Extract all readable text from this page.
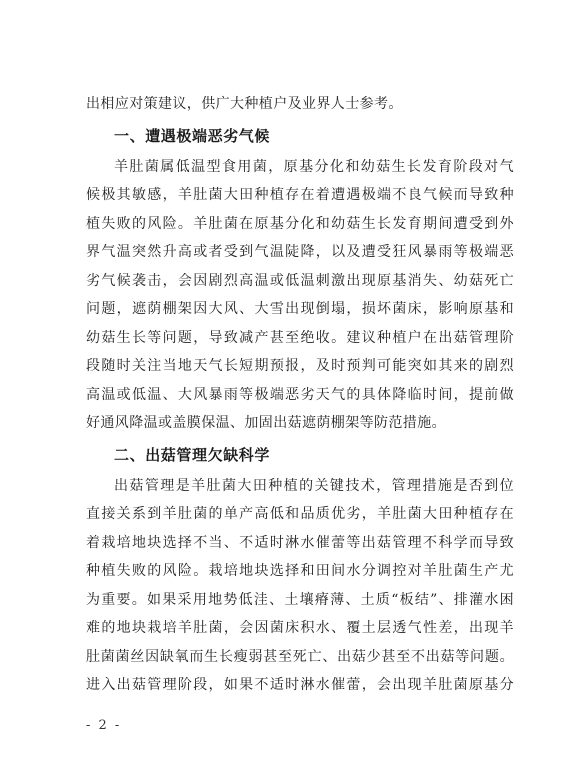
出相应对策建议，供广大种植户及业界人士参考。
一、遭遇极端恶劣气候
羊肚菌属低温型食用菌，原基分化和幼菇生长发育阶段对气
候极其敏感，羊肚菌大田种植存在着遭遇极端不良气候而导致种
植失败的风险。羊肚菌在原基分化和幼菇生长发育期间遭受到外
界气温突然升高或者受到气温陡降，以及遭受狂风暴雨等极端恶
劣气候袭击，会因剧烈高温或低温刺激出现原基消失、幼菇死亡
问题，遮荫棚架因大风、大雪出现倒塌，损坏菌床，影响原基和
幼菇生长等问题，导致减产甚至绝收。建议种植户在出菇管理阶
段随时关注当地天气长短期预报，及时预判可能突如其来的剧烈
高温或低温、大风暴雨等极端恶劣天气的具体降临时间，提前做
好通风降温或盖膜保温、加固出菇遮荫棚架等防范措施。
二、出菇管理欠缺科学
出菇管理是羊肚菌大田种植的关键技术，管理措施是否到位
直接关系到羊肚菌的单产高低和品质优劣，羊肚菌大田种植存在
着栽培地块选择不当、不适时淋水催蕾等出菇管理不科学而导致
种植失败的风险。栽培地块选择和田间水分调控对羊肚菌生产尤
为重要。如果采用地势低洼、土壤瘠薄、土质“板结”、排灌水困
难的地块栽培羊肚菌，会因菌床积水、覆土层透气性差，出现羊
肚菌菌丝因缺氧而生长瘦弱甚至死亡、出菇少甚至不出菇等问题。
进入出菇管理阶段，如果不适时淋水催蕾，会出现羊肚菌原基分
- 2 -
